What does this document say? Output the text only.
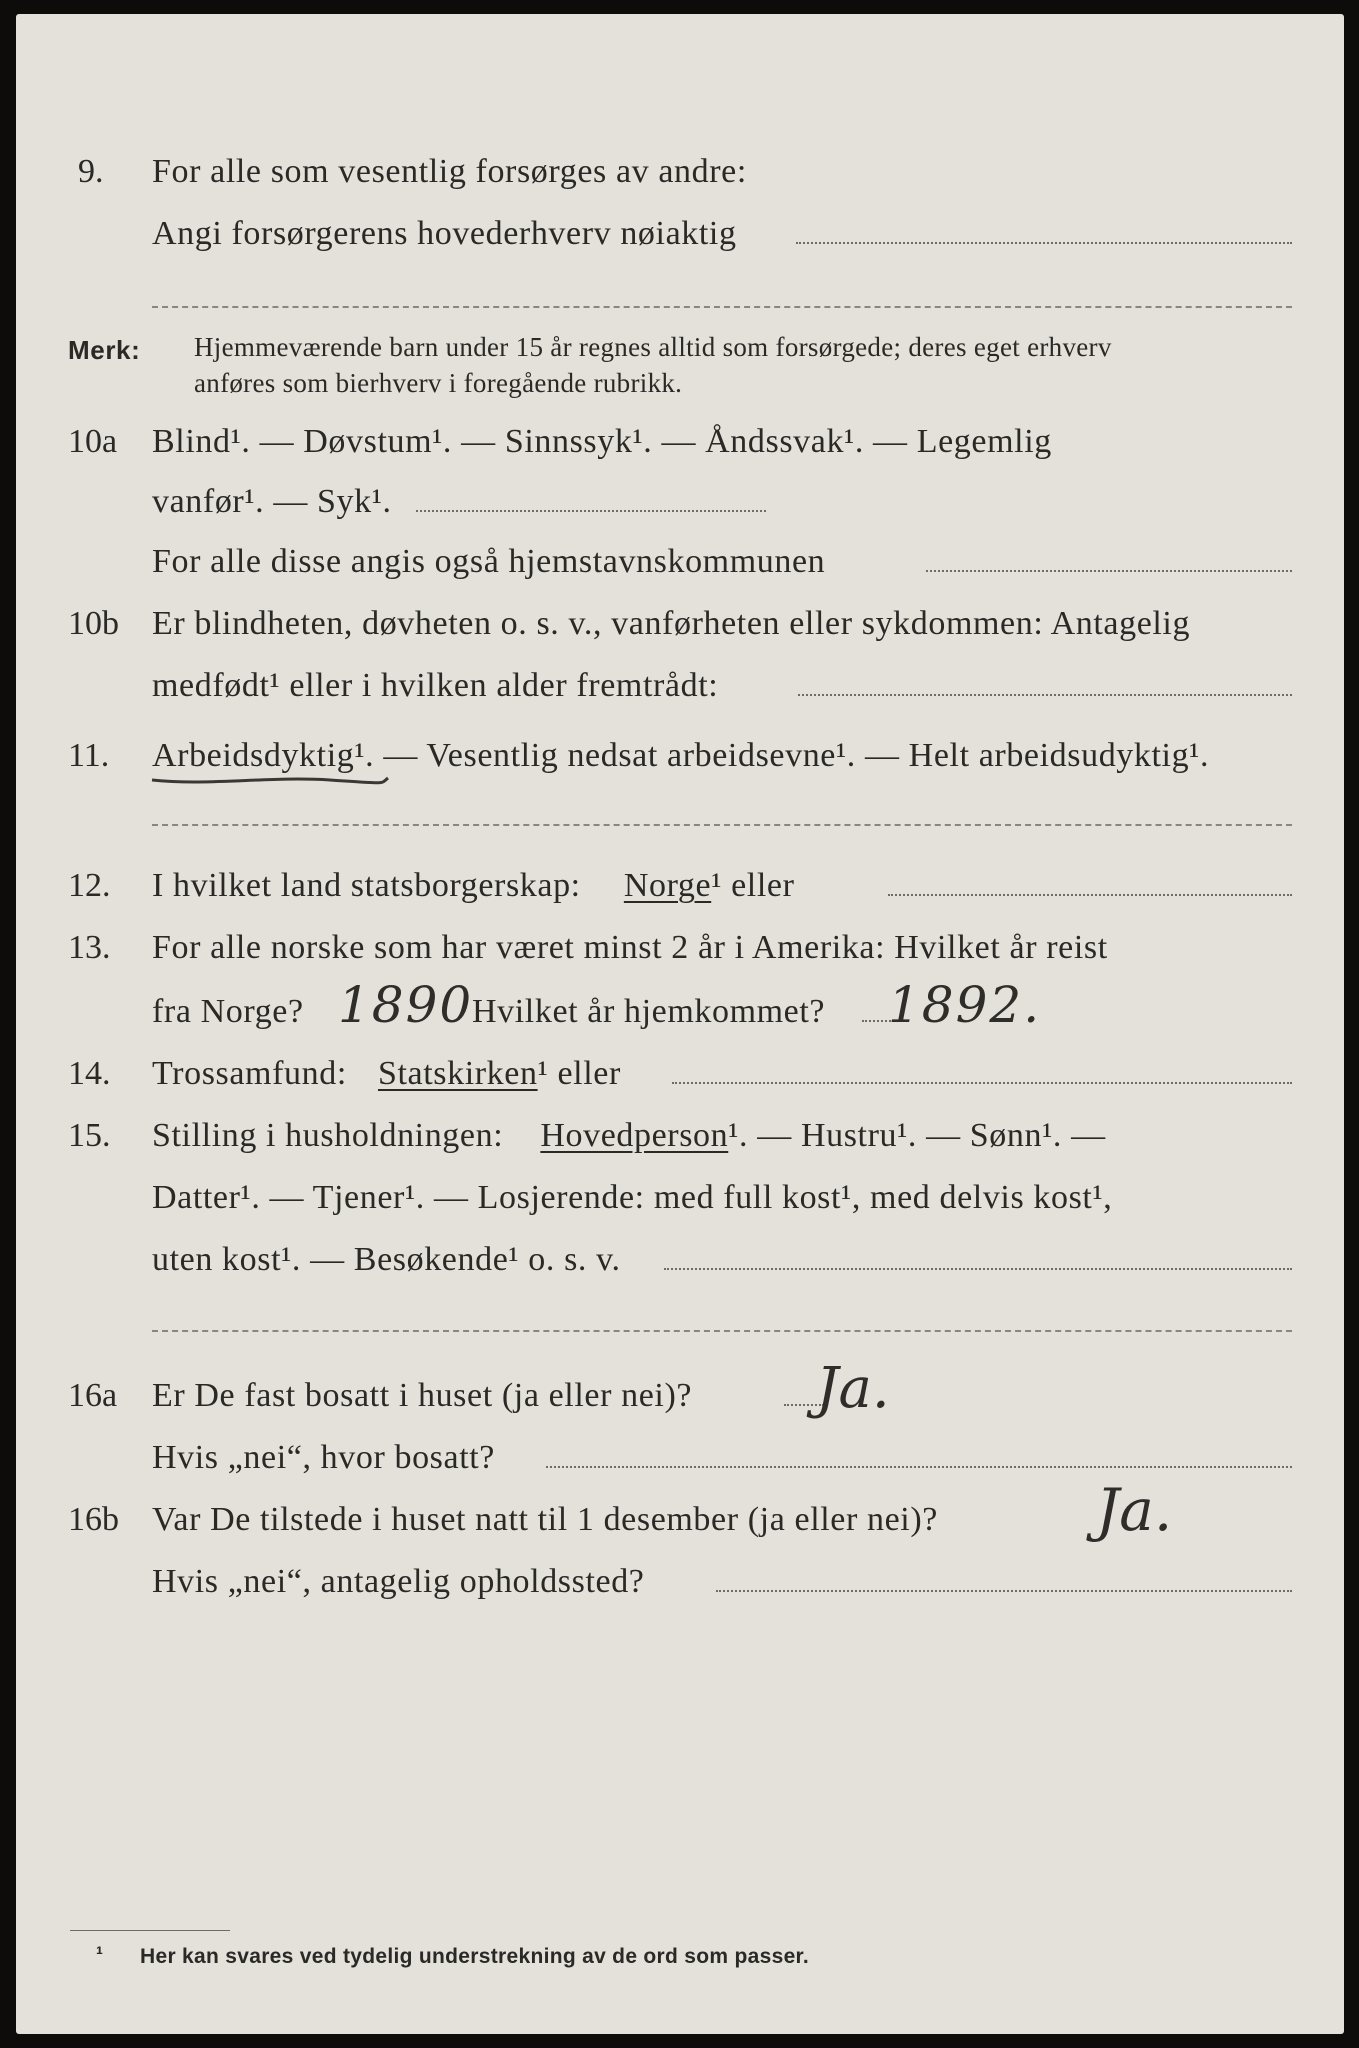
9. For alle som vesentlig forsørges av andre:
Angi forsørgerens hovederhverv nøiaktig
Merk: Hjemmeværende barn under 15 år regnes alltid som forsørgede; deres eget erhverv
anføres som bierhverv i foregående rubrikk.
10a Blind¹. — Døvstum¹. — Sinnssyk¹. — Åndssvak¹. — Legemlig
vanfør¹. — Syk¹.
For alle disse angis også hjemstavnskommunen
10b Er blindheten, døvheten o. s. v., vanførheten eller sykdommen: Antagelig
medfødt¹ eller i hvilken alder fremtrådt:
11. Arbeidsdyktig¹. — Vesentlig nedsat arbeidsevne¹. — Helt arbeidsudyktig¹.
12. I hvilket land statsborgerskap: Norge¹ eller
13. For alle norske som har været minst 2 år i Amerika: Hvilket år reist
fra Norge? 1890
Hvilket år hjemkommet? 1892.
14. Trossamfund: Statskirken¹ eller
15. Stilling i husholdningen: Hovedperson¹. — Hustru¹. — Sønn¹. —
Datter¹. — Tjener¹. — Losjerende: med full kost¹, med delvis kost¹,
uten kost¹. — Besøkende¹ o. s. v.
16a Er De fast bosatt i huset (ja eller nei)? Ja.
Hvis „nei“, hvor bosatt?
16b Var De tilstede i huset natt til 1 desember (ja eller nei)?	Ja.
Hvis „nei“, antagelig opholdssted?
¹ Her kan svares ved tydelig understrekning av de ord som passer.
